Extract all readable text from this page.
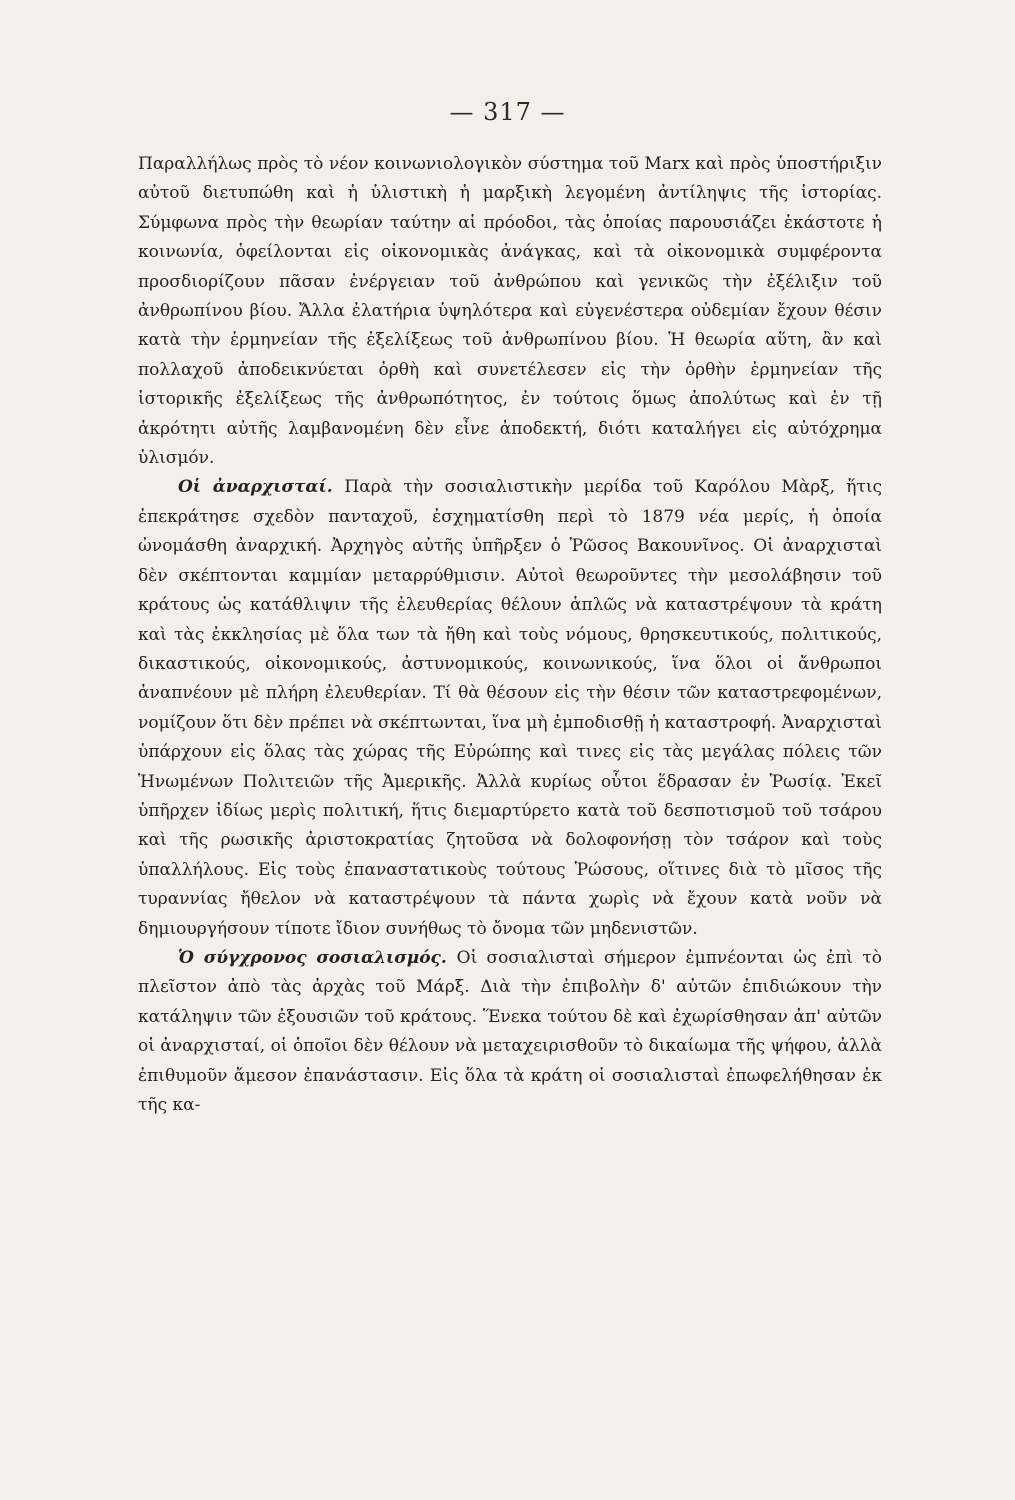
— 317 —

Παραλλήλως πρὸς τὸ νέον κοινωνιολογικὸν σύστημα τοῦ Marx καὶ πρὸς ὑποστήριξιν αὐτοῦ διετυπώθη καὶ ἡ ὑλιστικὴ ἡ μαρξικὴ λεγομένη ἀντίληψις τῆς ἱστορίας. Σύμφωνα πρὸς τὴν θεωρίαν ταύτην αἱ πρόοδοι, τὰς ὁποίας παρουσιάζει ἑκάστοτε ἡ κοινωνία, ὀφείλονται εἰς οἰκονομικὰς ἀνάγκας, καὶ τὰ οἰκονομικὰ συμφέροντα προσδιορίζουν πᾶσαν ἐνέργειαν τοῦ ἀνθρώπου καὶ γενικῶς τὴν ἐξέλιξιν τοῦ ἀνθρωπίνου βίου. Ἄλλα ἐλατήρια ὑψηλότερα καὶ εὐγενέστερα οὐδεμίαν ἔχουν θέσιν κατὰ τὴν ἑρμηνείαν τῆς ἐξελίξεως τοῦ ἀνθρωπίνου βίου. Ἡ θεωρία αὕτη, ἂν καὶ πολλαχοῦ ἀποδεικνύεται ὀρθὴ καὶ συνετέλεσεν εἰς τὴν ὀρθὴν ἑρμηνείαν τῆς ἱστορικῆς ἐξελίξεως τῆς ἀνθρωπότητος, ἐν τούτοις ὅμως ἀπολύτως καὶ ἐν τῇ ἀκρότητι αὐτῆς λαμβανομένη δὲν εἶνε ἀποδεκτή, διότι καταλήγει εἰς αὐτόχρημα ὑλισμόν.

Οἱ ἀναρχισταί. Παρὰ τὴν σοσιαλιστικὴν μερίδα τοῦ Καρόλου Μὰρξ, ἥτις ἐπεκράτησε σχεδὸν πανταχοῦ, ἐσχηματίσθη περὶ τὸ 1879 νέα μερίς, ἡ ὁποία ὠνομάσθη ἀναρχική. Ἀρχηγὸς αὐτῆς ὑπῆρξεν ὁ Ῥῶσος Βακουνῖνος. Οἱ ἀναρχισταὶ δὲν σκέπτονται καμμίαν μεταρρύθμισιν. Αὐτοὶ θεωροῦντες τὴν μεσολάβησιν τοῦ κράτους ὡς κατάθλιψιν τῆς ἐλευθερίας θέλουν ἁπλῶς νὰ καταστρέψουν τὰ κράτη καὶ τὰς ἐκκλησίας μὲ ὅλα των τὰ ἤθη καὶ τοὺς νόμους, θρησκευτικούς, πολιτικούς, δικαστικούς, οἰκονομικούς, ἀστυνομικούς, κοινωνικούς, ἵνα ὅλοι οἱ ἄνθρωποι ἀναπνέουν μὲ πλήρη ἐλευθερίαν. Τί θὰ θέσουν εἰς τὴν θέσιν τῶν καταστρεφομένων, νομίζουν ὅτι δὲν πρέπει νὰ σκέπτωνται, ἵνα μὴ ἐμποδισθῇ ἡ καταστροφή. Ἀναρχισταὶ ὑπάρχουν εἰς ὅλας τὰς χώρας τῆς Εὐρώπης καὶ τινες εἰς τὰς μεγάλας πόλεις τῶν Ἡνωμένων Πολιτειῶν τῆς Ἀμερικῆς. Ἀλλὰ κυρίως οὗτοι ἕδρασαν ἐν Ῥωσίᾳ. Ἐκεῖ ὑπῆρχεν ἰδίως μερὶς πολιτική, ἥτις διεμαρτύρετο κατὰ τοῦ δεσποτισμοῦ τοῦ τσάρου καὶ τῆς ρωσικῆς ἀριστοκρατίας ζητοῦσα νὰ δολοφονήσῃ τὸν τσάρον καὶ τοὺς ὑπαλλήλους. Εἰς τοὺς ἐπαναστατικοὺς τούτους Ῥώσους, οἵτινες διὰ τὸ μῖσος τῆς τυραννίας ἤθελον νὰ καταστρέψουν τὰ πάντα χωρὶς νὰ ἔχουν κατὰ νοῦν νὰ δημιουργήσουν τίποτε ἴδιον συνήθως τὸ ὄνομα τῶν μηδενιστῶν.

Ὁ σύγχρονος σοσιαλισμός. Οἱ σοσιαλισταὶ σήμερον ἐμπνέονται ὡς ἐπὶ τὸ πλεῖστον ἀπὸ τὰς ἀρχὰς τοῦ Μάρξ. Διὰ τὴν ἐπιβολὴν δ' αὐτῶν ἐπιδιώκουν τὴν κατάληψιν τῶν ἐξουσιῶν τοῦ κράτους. Ἕνεκα τούτου δὲ καὶ ἐχωρίσθησαν ἀπ' αὐτῶν οἱ ἀναρχισταί, οἱ ὁποῖοι δὲν θέλουν νὰ μεταχειρισθοῦν τὸ δικαίωμα τῆς ψήφου, ἀλλὰ ἐπιθυμοῦν ἄμεσον ἐπανάστασιν. Εἰς ὅλα τὰ κράτη οἱ σοσιαλισταὶ ἐπωφελήθησαν ἐκ τῆς κα-
